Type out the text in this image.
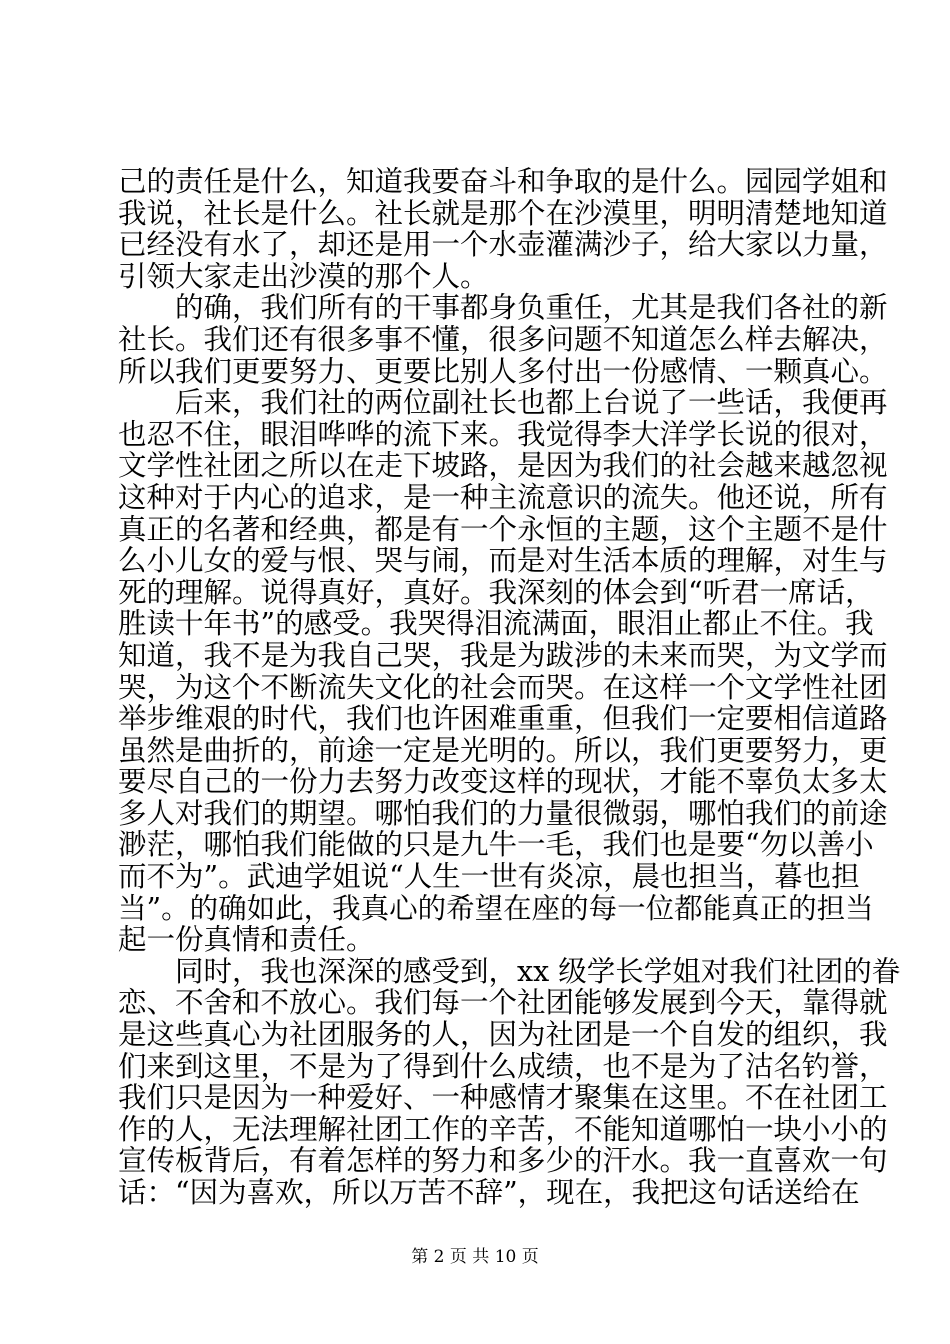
己的责任是什么，知道我要奋斗和争取的是什么。园园学姐和
我说，社长是什么。社长就是那个在沙漠里，明明清楚地知道
已经没有水了，却还是用一个水壶灌满沙子，给大家以力量，
引领大家走出沙漠的那个人。
　　的确，我们所有的干事都身负重任，尤其是我们各社的新
社长。我们还有很多事不懂，很多问题不知道怎么样去解决，
所以我们更要努力、更要比别人多付出一份感情、一颗真心。
　　后来，我们社的两位副社长也都上台说了一些话，我便再
也忍不住，眼泪哗哗的流下来。我觉得李大洋学长说的很对，
文学性社团之所以在走下坡路，是因为我们的社会越来越忽视
这种对于内心的追求，是一种主流意识的流失。他还说，所有
真正的名著和经典，都是有一个永恒的主题，这个主题不是什
么小儿女的爱与恨、哭与闹，而是对生活本质的理解，对生与
死的理解。说得真好，真好。我深刻的体会到“听君一席话，
胜读十年书”的感受。我哭得泪流满面，眼泪止都止不住。我
知道，我不是为我自己哭，我是为跋涉的未来而哭，为文学而
哭，为这个不断流失文化的社会而哭。在这样一个文学性社团
举步维艰的时代，我们也许困难重重，但我们一定要相信道路
虽然是曲折的，前途一定是光明的。所以，我们更要努力，更
要尽自己的一份力去努力改变这样的现状，才能不辜负太多太
多人对我们的期望。哪怕我们的力量很微弱，哪怕我们的前途
渺茫，哪怕我们能做的只是九牛一毛，我们也是要“勿以善小
而不为”。武迪学姐说“人生一世有炎凉，晨也担当，暮也担
当”。的确如此，我真心的希望在座的每一位都能真正的担当
起一份真情和责任。
　　同时，我也深深的感受到，xx 级学长学姐对我们社团的眷
恋、不舍和不放心。我们每一个社团能够发展到今天，靠得就
是这些真心为社团服务的人，因为社团是一个自发的组织，我
们来到这里，不是为了得到什么成绩，也不是为了沽名钓誉，
我们只是因为一种爱好、一种感情才聚集在这里。不在社团工
作的人，无法理解社团工作的辛苦，不能知道哪怕一块小小的
宣传板背后，有着怎样的努力和多少的汗水。我一直喜欢一句
话：“因为喜欢，所以万苦不辞”，现在，我把这句话送给在
第 2 页 共 10 页
